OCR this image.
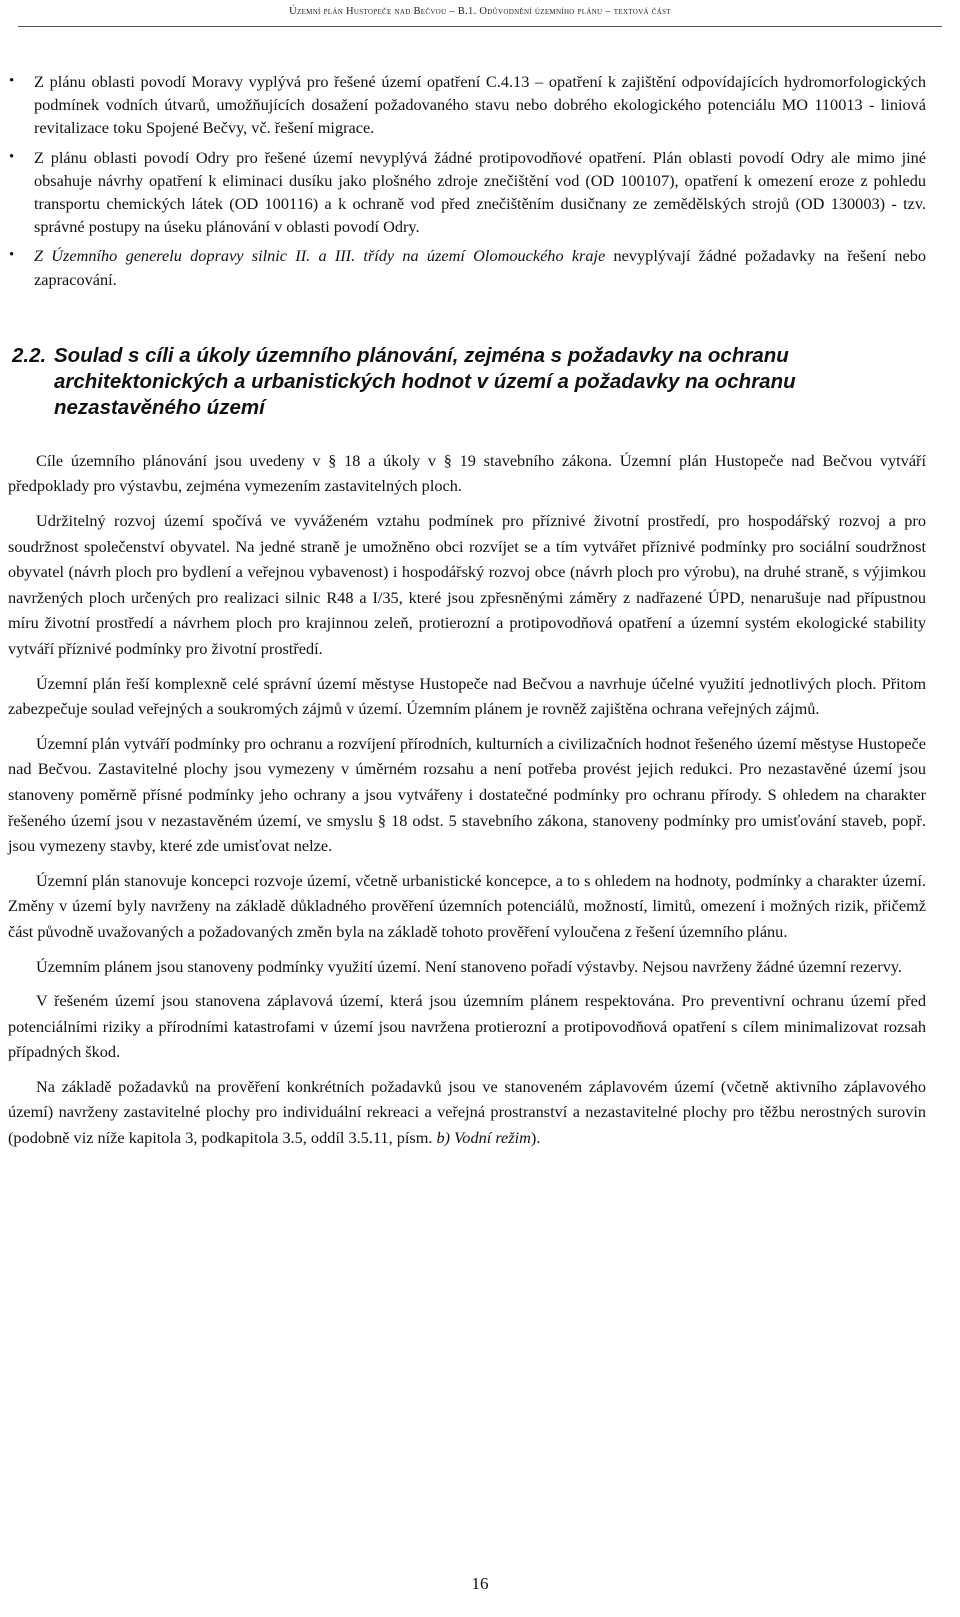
Územní plán Hustopeče nad Bečvou – B.1. Odůvodnění územního plánu – textová část
• Z plánu oblasti povodí Moravy vyplývá pro řešené území opatření C.4.13 – opatření k zajištění odpovídajících hydromorfologických podmínek vodních útvarů, umožňujících dosažení požadovaného stavu nebo dobrého ekologického potenciálu MO 110013 - liniová revitalizace toku Spojené Bečvy, vč. řešení migrace.
• Z plánu oblasti povodí Odry pro řešené území nevyplývá žádné protipovodňové opatření. Plán oblasti povodí Odry ale mimo jiné obsahuje návrhy opatření k eliminaci dusíku jako plošného zdroje znečištění vod (OD 100107), opatření k omezení eroze z pohledu transportu chemických látek (OD 100116) a k ochraně vod před znečištěním dusičnany ze zemědělských strojů (OD 130003) - tzv. správné postupy na úseku plánování v oblasti povodí Odry.
• Z Územního generelu dopravy silnic II. a III. třídy na území Olomouckého kraje nevyplývají žádné požadavky na řešení nebo zapracování.
2.2. Soulad s cíli a úkoly územního plánování, zejména s požadavky na ochranu architektonických a urbanistických hodnot v území a požadavky na ochranu nezastavěného území

Cíle územního plánování jsou uvedeny v § 18 a úkoly v § 19 stavebního zákona. Územní plán Hustopeče nad Bečvou vytváří předpoklady pro výstavbu, zejména vymezením zastavitelných ploch.

Udržitelný rozvoj území spočívá ve vyváženém vztahu podmínek pro příznivé životní prostředí, pro hospodářský rozvoj a pro soudržnost společenství obyvatel. Na jedné straně je umožněno obci rozvíjet se a tím vytvářet příznivé podmínky pro sociální soudržnost obyvatel (návrh ploch pro bydlení a veřejnou vybavenost) i hospodářský rozvoj obce (návrh ploch pro výrobu), na druhé straně, s výjimkou navržených ploch určených pro realizaci silnic R48 a I/35, které jsou zpřesněnými záměry z nadřazené ÚPD, nenarušuje nad přípustnou míru životní prostředí a návrhem ploch pro krajinnou zeleň, protierozní a protipovodňová opatření a územní systém ekologické stability vytváří příznivé podmínky pro životní prostředí.

Územní plán řeší komplexně celé správní území městyse Hustopeče nad Bečvou a navrhuje účelné využití jednotlivých ploch. Přitom zabezpečuje soulad veřejných a soukromých zájmů v území. Územním plánem je rovněž zajištěna ochrana veřejných zájmů.

Územní plán vytváří podmínky pro ochranu a rozvíjení přírodních, kulturních a civilizačních hodnot řešeného území městyse Hustopeče nad Bečvou. Zastavitelné plochy jsou vymezeny v úměrném rozsahu a není potřeba provést jejich redukci. Pro nezastavěné území jsou stanoveny poměrně přísné podmínky jeho ochrany a jsou vytvářeny i dostatečné podmínky pro ochranu přírody. S ohledem na charakter řešeného území jsou v nezastavěném území, ve smyslu § 18 odst. 5 stavebního zákona, stanoveny podmínky pro umisťování staveb, popř. jsou vymezeny stavby, které zde umisťovat nelze.

Územní plán stanovuje koncepci rozvoje území, včetně urbanistické koncepce, a to s ohledem na hodnoty, podmínky a charakter území. Změny v území byly navrženy na základě důkladného prověření územních potenciálů, možností, limitů, omezení i možných rizik, přičemž část původně uvažovaných a požadovaných změn byla na základě tohoto prověření vyloučena z řešení územního plánu.

Územním plánem jsou stanoveny podmínky využití území. Není stanoveno pořadí výstavby. Nejsou navrženy žádné územní rezervy.

V řešeném území jsou stanovena záplavová území, která jsou územním plánem respektována. Pro preventivní ochranu území před potenciálními riziky a přírodními katastrofami v území jsou navržena protierozní a protipovodňová opatření s cílem minimalizovat rozsah případných škod.

Na základě požadavků na prověření konkrétních požadavků jsou ve stanoveném záplavovém území (včetně aktivního záplavového území) navrženy zastavitelné plochy pro individuální rekreaci a veřejná prostranství a nezastavitelné plochy pro těžbu nerostných surovin (podobně viz níže kapitola 3, podkapitola 3.5, oddíl 3.5.11, písm. b) Vodní režim).

16
